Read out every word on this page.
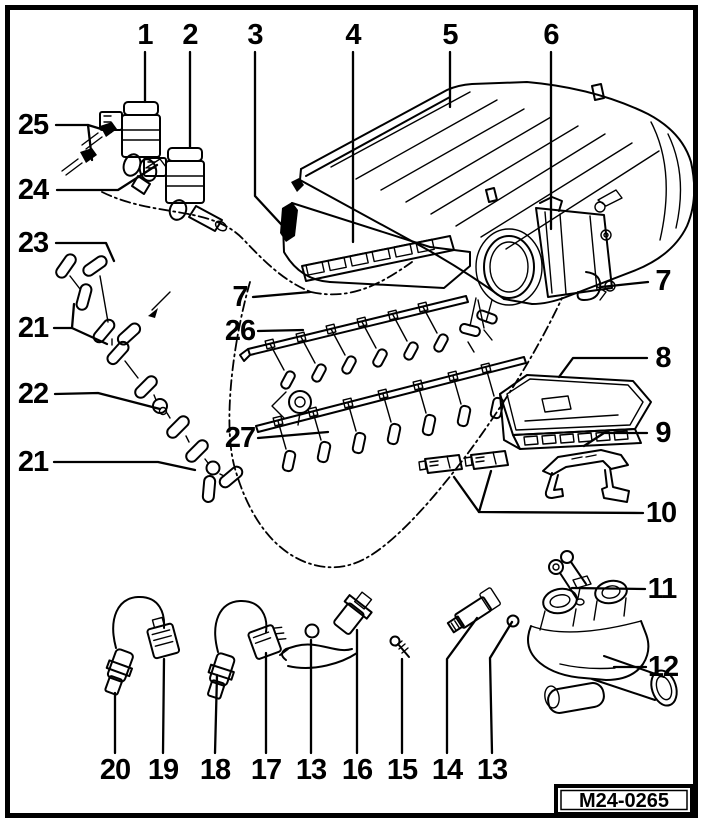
1 2 3	4	5	6
25
24
23
21
22
21
7
26
27
7
8
9
10
11
12
20 19 18 17 13 16 15 14 13
M24-0265
